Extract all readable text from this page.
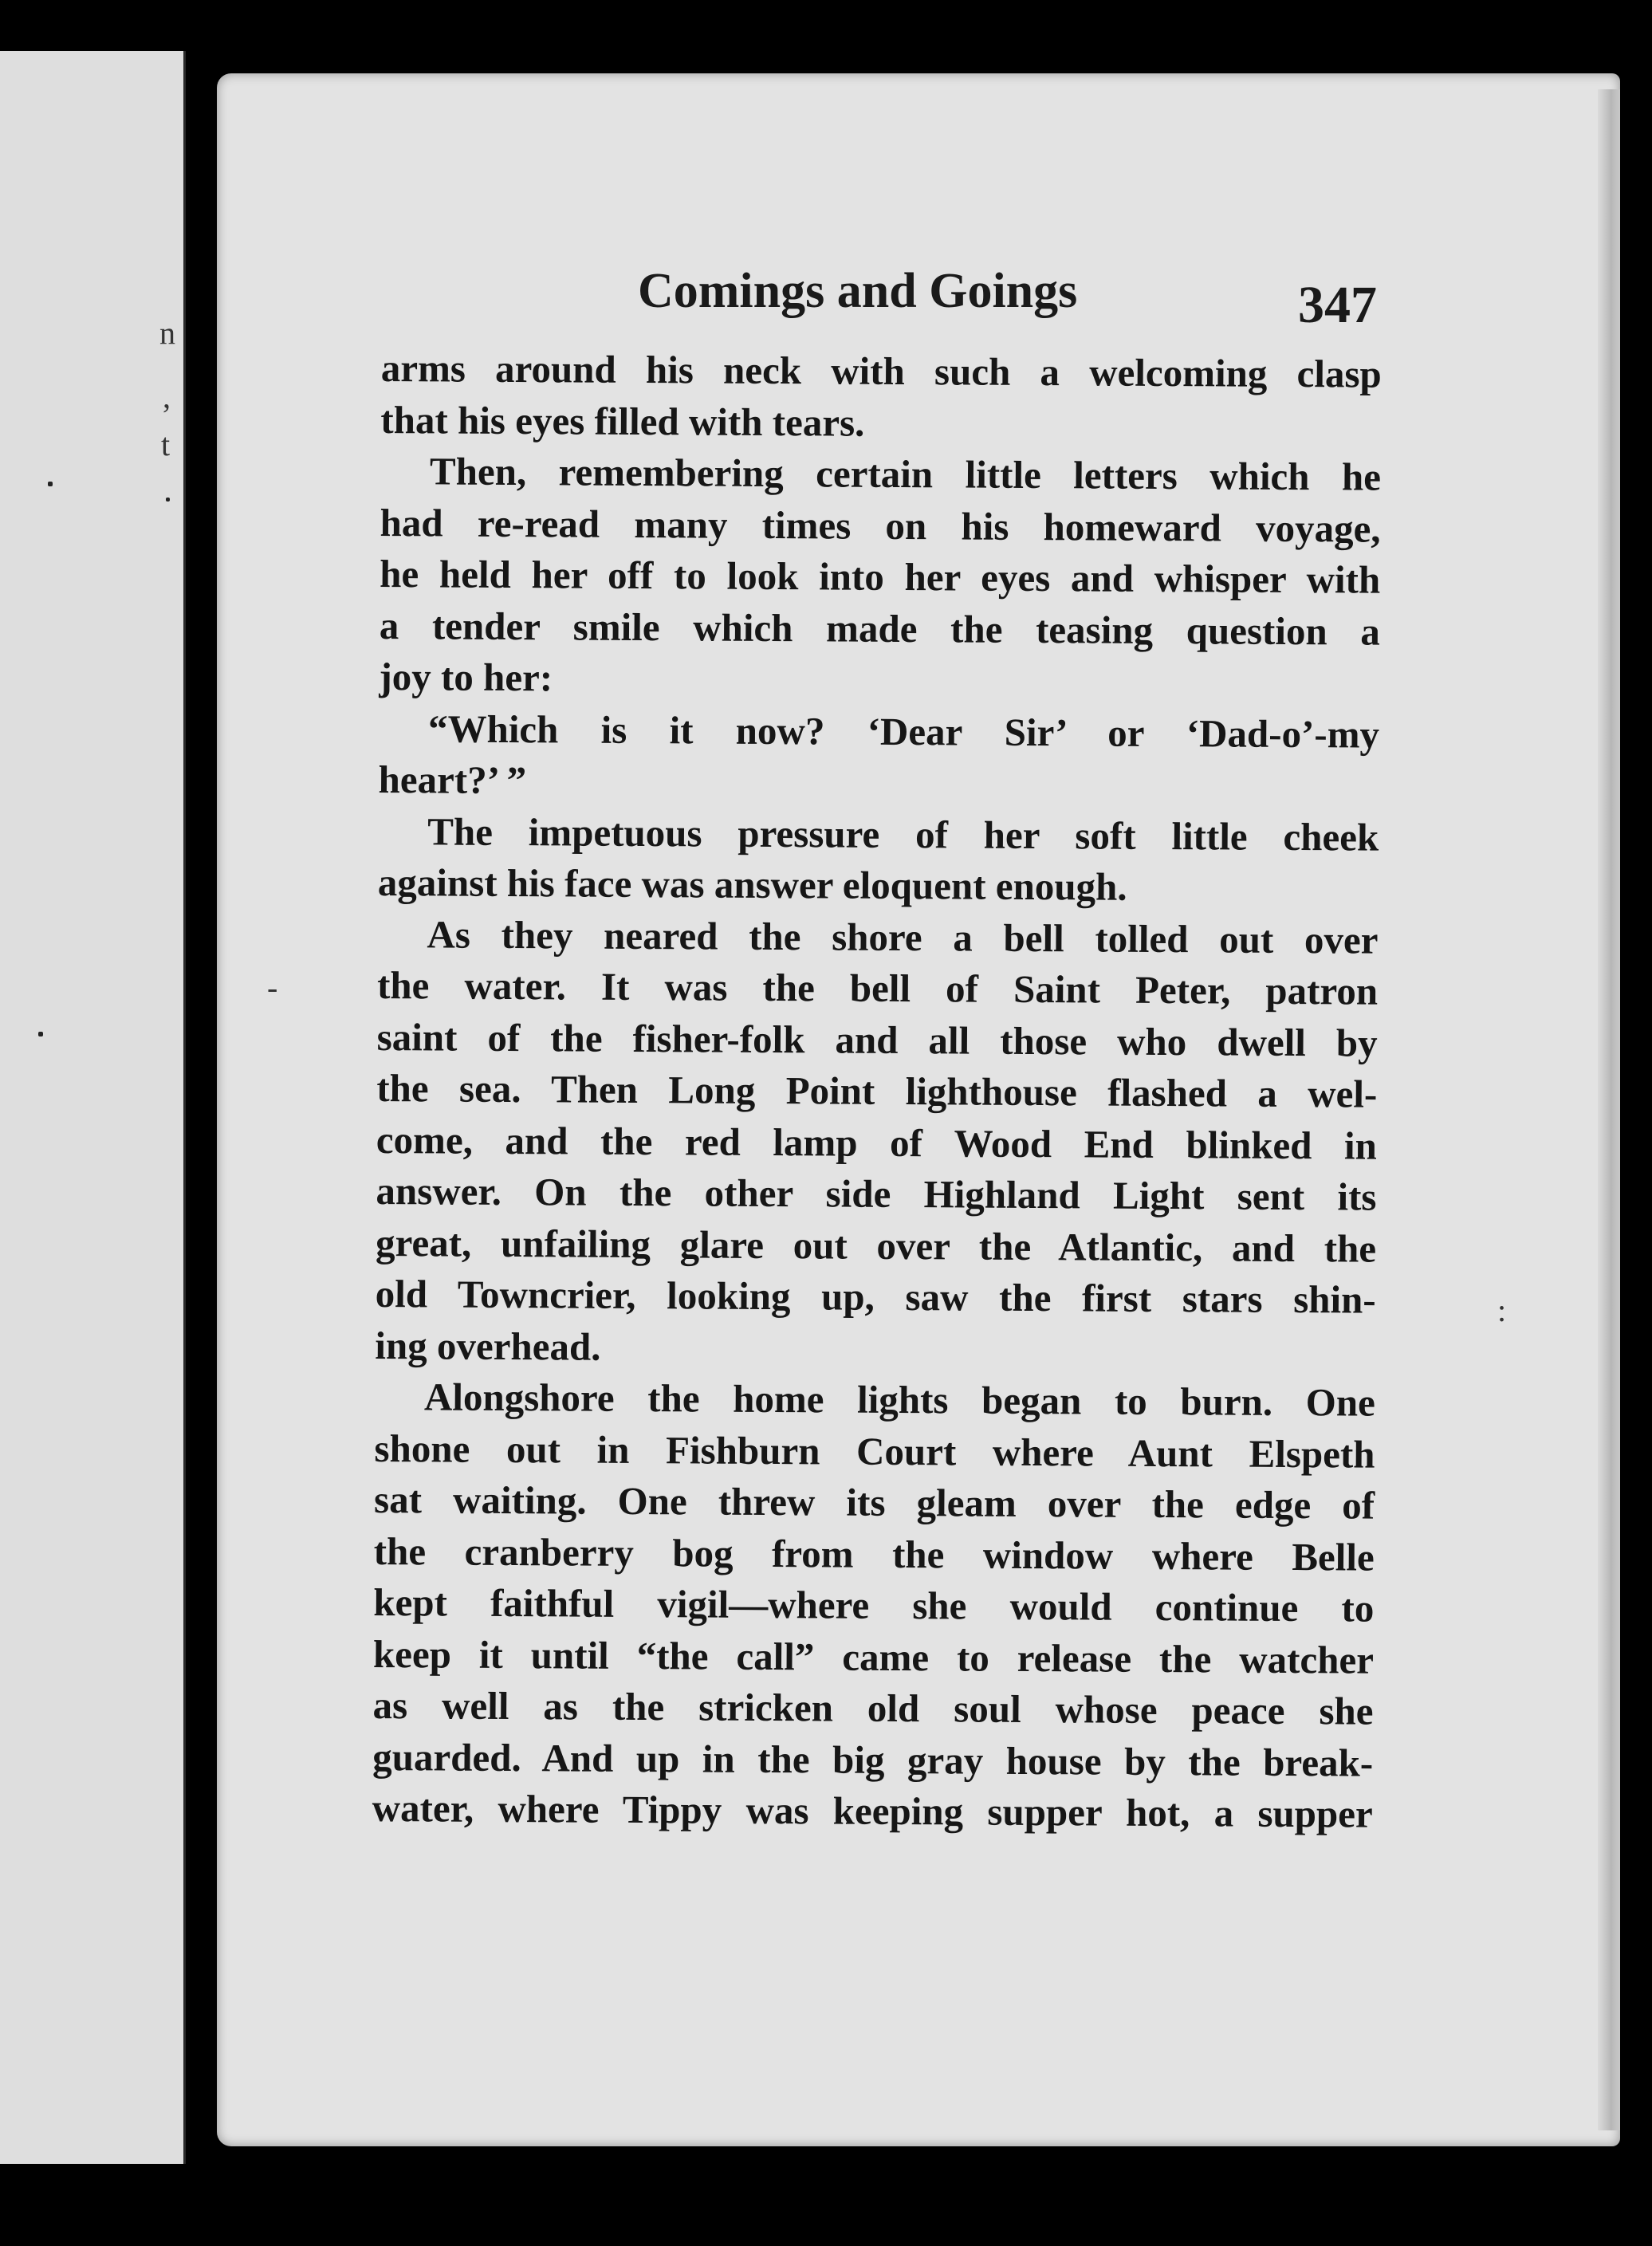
n
,
t
Comings and Goings	347
-
:
arms around his neck with such a welcoming clasp
that his eyes filled with tears.
Then, remembering certain little letters which he
had re-read many times on his homeward voyage,
he held her off to look into her eyes and whisper with
a tender smile which made the teasing question a
joy to her:
“Which is it now? ‘Dear Sir’ or ‘Dad-o’-my
heart?’ ”
The impetuous pressure of her soft little cheek
against his face was answer eloquent enough.
As they neared the shore a bell tolled out over
the water. It was the bell of Saint Peter, patron
saint of the fisher-folk and all those who dwell by
the sea. Then Long Point lighthouse flashed a wel-
come, and the red lamp of Wood End blinked in
answer. On the other side Highland Light sent its
great, unfailing glare out over the Atlantic, and the
old Towncrier, looking up, saw the first stars shin-
ing overhead.
Alongshore the home lights began to burn. One
shone out in Fishburn Court where Aunt Elspeth
sat waiting. One threw its gleam over the edge of
the cranberry bog from the window where Belle
kept faithful vigil—where she would continue to
keep it until “the call” came to release the watcher
as well as the stricken old soul whose peace she
guarded. And up in the big gray house by the break-
water, where Tippy was keeping supper hot, a supper
